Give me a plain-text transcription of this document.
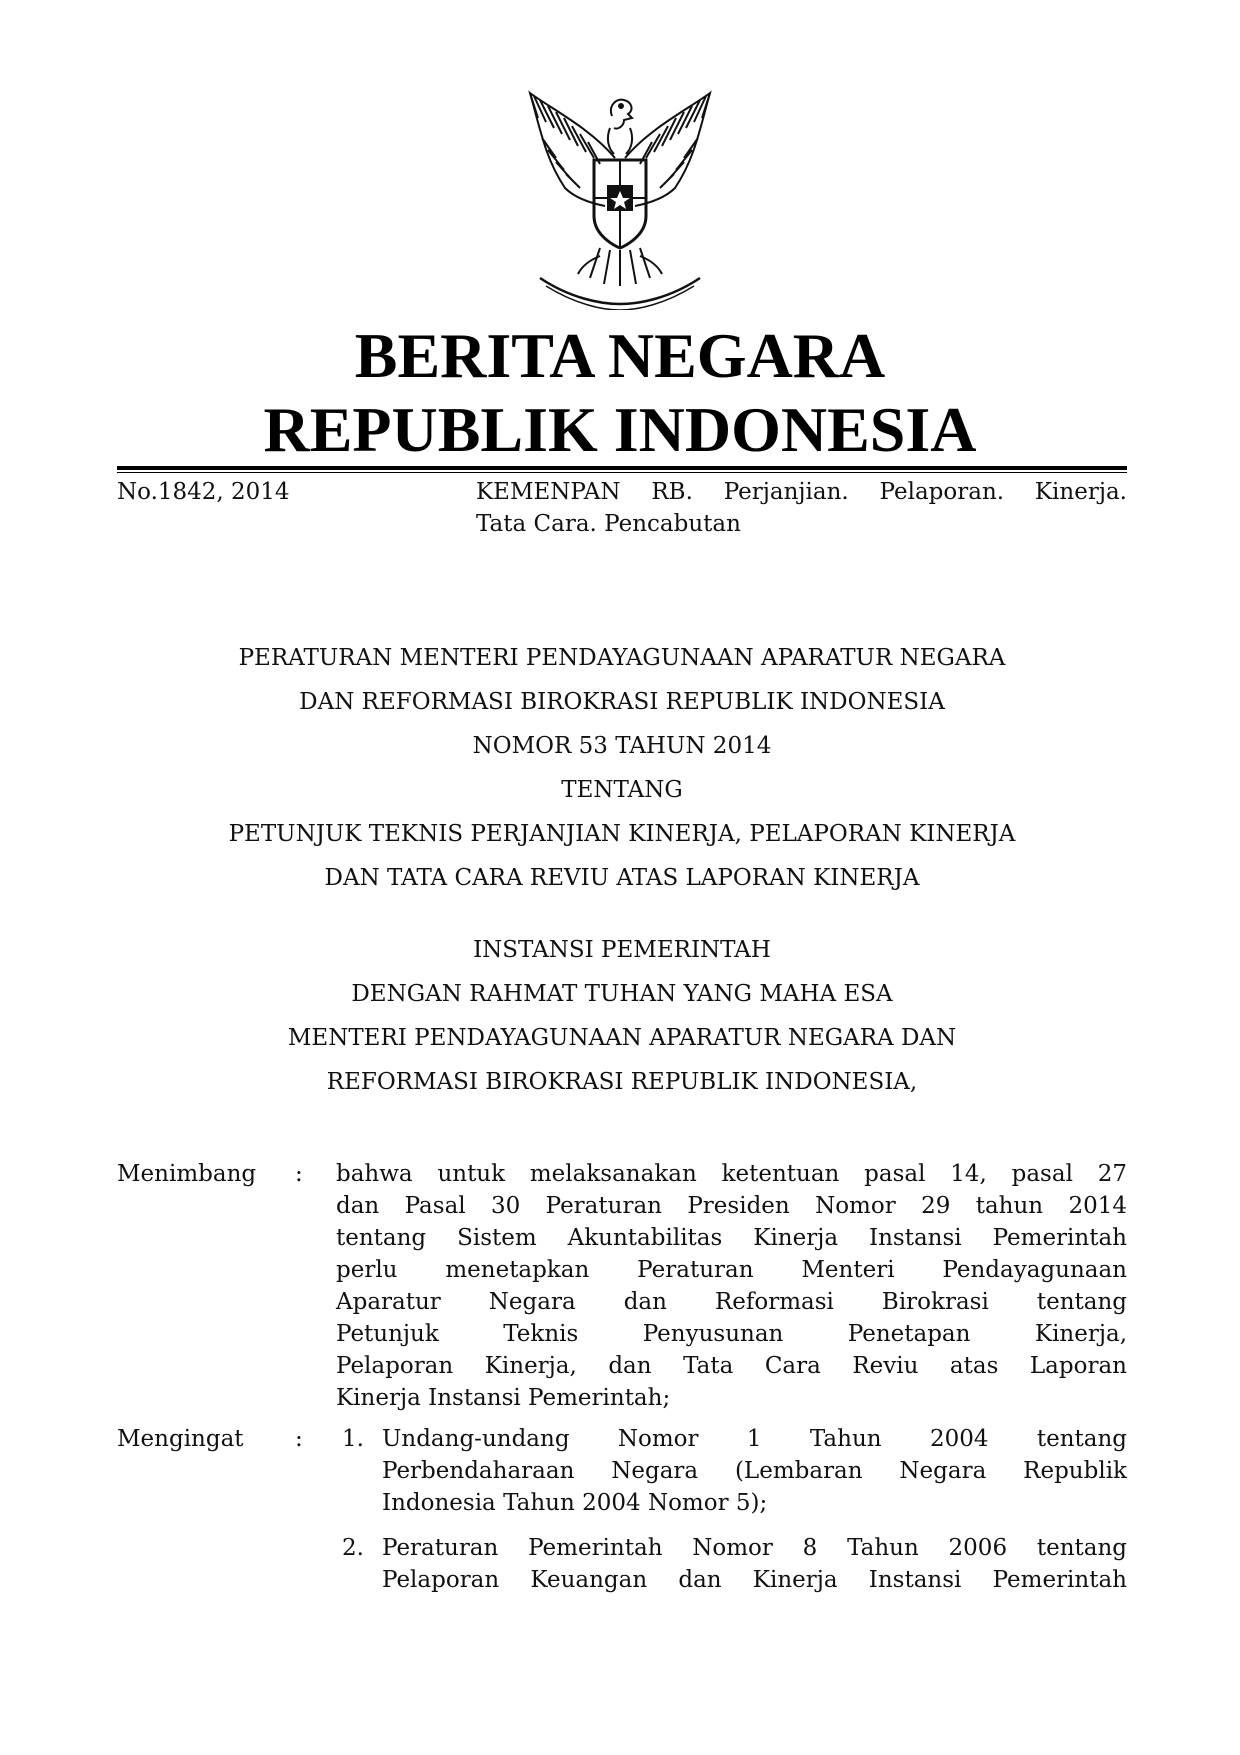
BERITA NEGARA
REPUBLIK INDONESIA
No.1842, 2014	KEMENPAN RB. Perjanjian. Pelaporan. Kinerja.
Tata Cara. Pencabutan
PERATURAN MENTERI PENDAYAGUNAAN APARATUR NEGARA
DAN REFORMASI BIROKRASI REPUBLIK INDONESIA
NOMOR 53 TAHUN 2014
TENTANG
PETUNJUK TEKNIS PERJANJIAN KINERJA, PELAPORAN KINERJA
DAN TATA CARA REVIU ATAS LAPORAN KINERJA
INSTANSI PEMERINTAH
DENGAN RAHMAT TUHAN YANG MAHA ESA
MENTERI PENDAYAGUNAAN APARATUR NEGARA DAN
REFORMASI BIROKRASI REPUBLIK INDONESIA,
Menimbang : bahwa untuk melaksanakan ketentuan pasal 14, pasal 27
dan Pasal 30 Peraturan Presiden Nomor 29 tahun 2014
tentang Sistem Akuntabilitas Kinerja Instansi Pemerintah
perlu menetapkan Peraturan Menteri Pendayagunaan
Aparatur Negara dan Reformasi Birokrasi tentang
Petunjuk Teknis Penyusunan Penetapan Kinerja,
Pelaporan Kinerja, dan Tata Cara Reviu atas Laporan
Kinerja Instansi Pemerintah;
Mengingat : 1. Undang-undang Nomor 1 Tahun 2004 tentang
Perbendaharaan Negara (Lembaran Negara Republik
Indonesia Tahun 2004 Nomor 5);
2. Peraturan Pemerintah Nomor 8 Tahun 2006 tentang
Pelaporan Keuangan dan Kinerja Instansi Pemerintah
